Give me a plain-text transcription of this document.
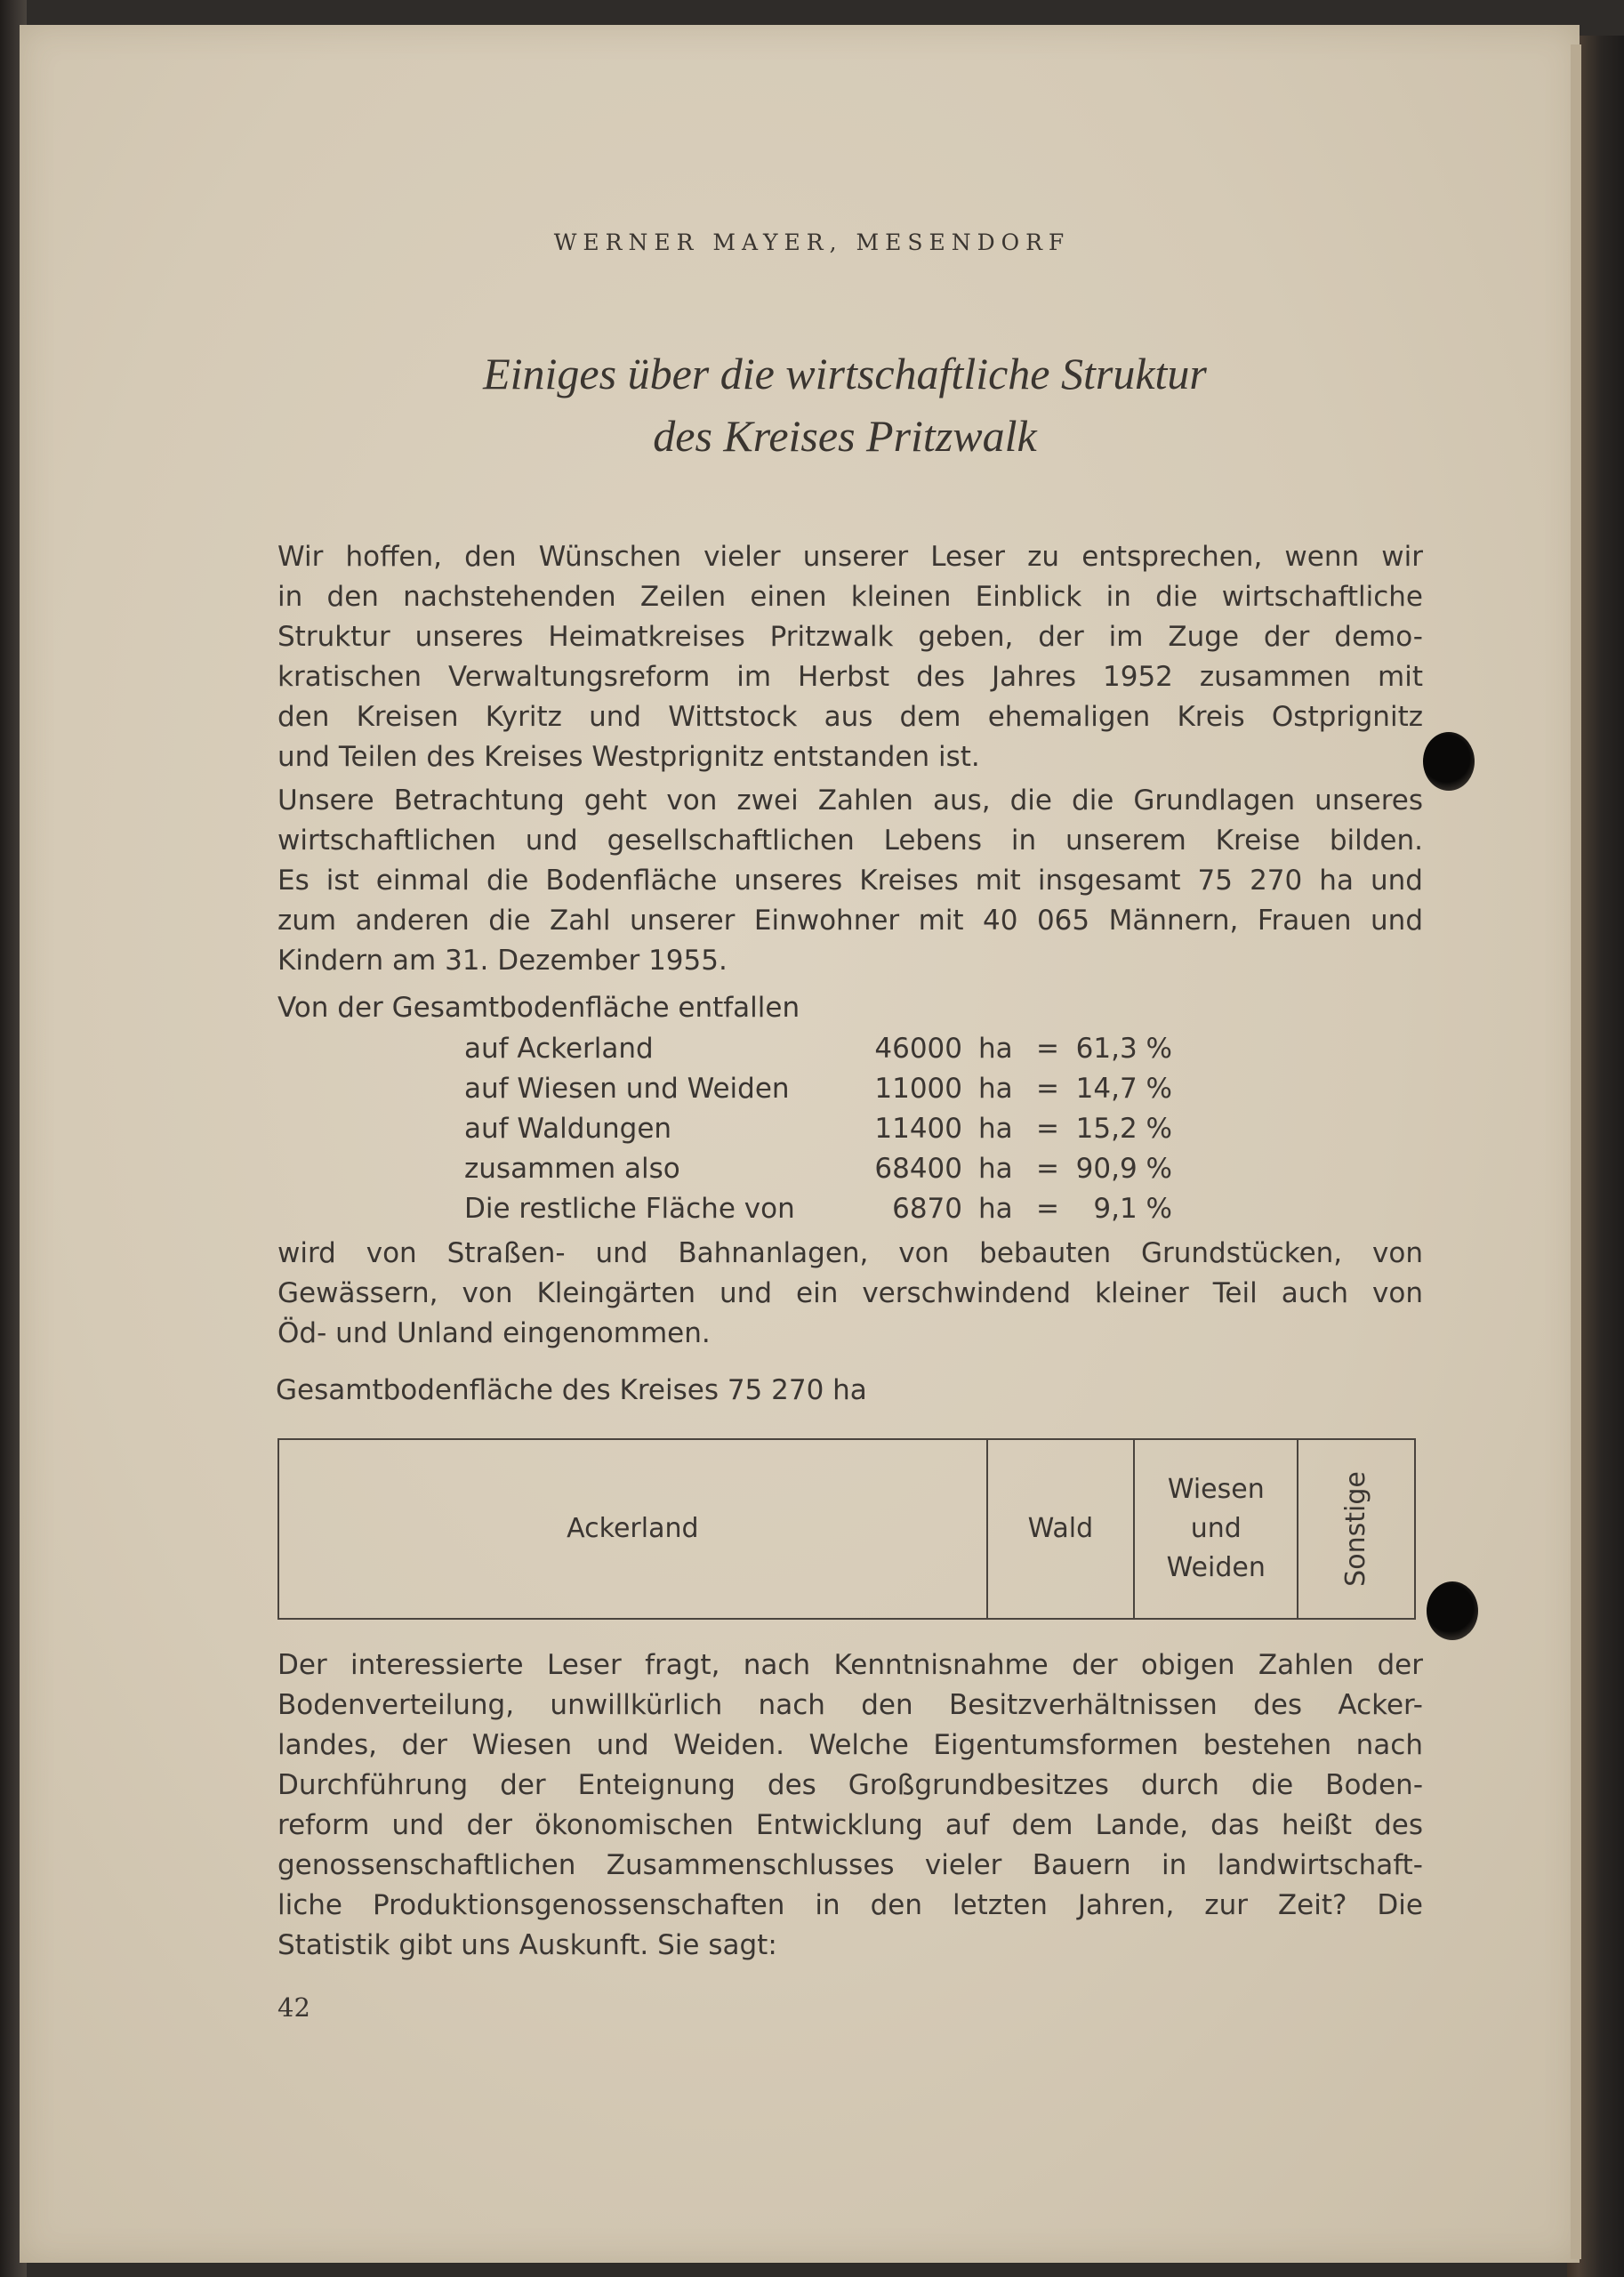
WERNER MAYER, MESENDORF
Einiges über die wirtschaftliche Struktur
des Kreises Pritzwalk
Wir hoffen, den Wünschen vieler unserer Leser zu entsprechen, wenn wir
in den nachstehenden Zeilen einen kleinen Einblick in die wirtschaftliche
Struktur unseres Heimatkreises Pritzwalk geben, der im Zuge der demo-
kratischen Verwaltungsreform im Herbst des Jahres 1952 zusammen mit
den Kreisen Kyritz und Wittstock aus dem ehemaligen Kreis Ostprignitz
und Teilen des Kreises Westprignitz entstanden ist.
Unsere Betrachtung geht von zwei Zahlen aus, die die Grundlagen unseres
wirtschaftlichen und gesellschaftlichen Lebens in unserem Kreise bilden.
Es ist einmal die Bodenfläche unseres Kreises mit insgesamt 75 270 ha und
zum anderen die Zahl unserer Einwohner mit 40 065 Männern, Frauen und
Kindern am 31. Dezember 1955.
Von der Gesamtbodenfläche entfallen
auf Ackerland	46000	ha	=	61,3 %
auf Wiesen und Weiden	11000	ha	=	14,7 %
auf Waldungen	11400	ha	=	15,2 %
zusammen also	68400	ha	=	90,9 %
Die restliche Fläche von	6870	ha	=	9,1 %
wird von Straßen- und Bahnanlagen, von bebauten Grundstücken, von
Gewässern, von Kleingärten und ein verschwindend kleiner Teil auch von
Öd- und Unland eingenommen.
Gesamtbodenfläche des Kreises 75 270 ha
Ackerland	Wald
Wiesen
und
Weiden	Sonstige
Der interessierte Leser fragt, nach Kenntnisnahme der obigen Zahlen der
Bodenverteilung, unwillkürlich nach den Besitzverhältnissen des Acker-
landes, der Wiesen und Weiden. Welche Eigentumsformen bestehen nach
Durchführung der Enteignung des Großgrundbesitzes durch die Boden-
reform und der ökonomischen Entwicklung auf dem Lande, das heißt des
genossenschaftlichen Zusammenschlusses vieler Bauern in landwirtschaft-
liche Produktionsgenossenschaften in den letzten Jahren, zur Zeit? Die
Statistik gibt uns Auskunft. Sie sagt:
42
